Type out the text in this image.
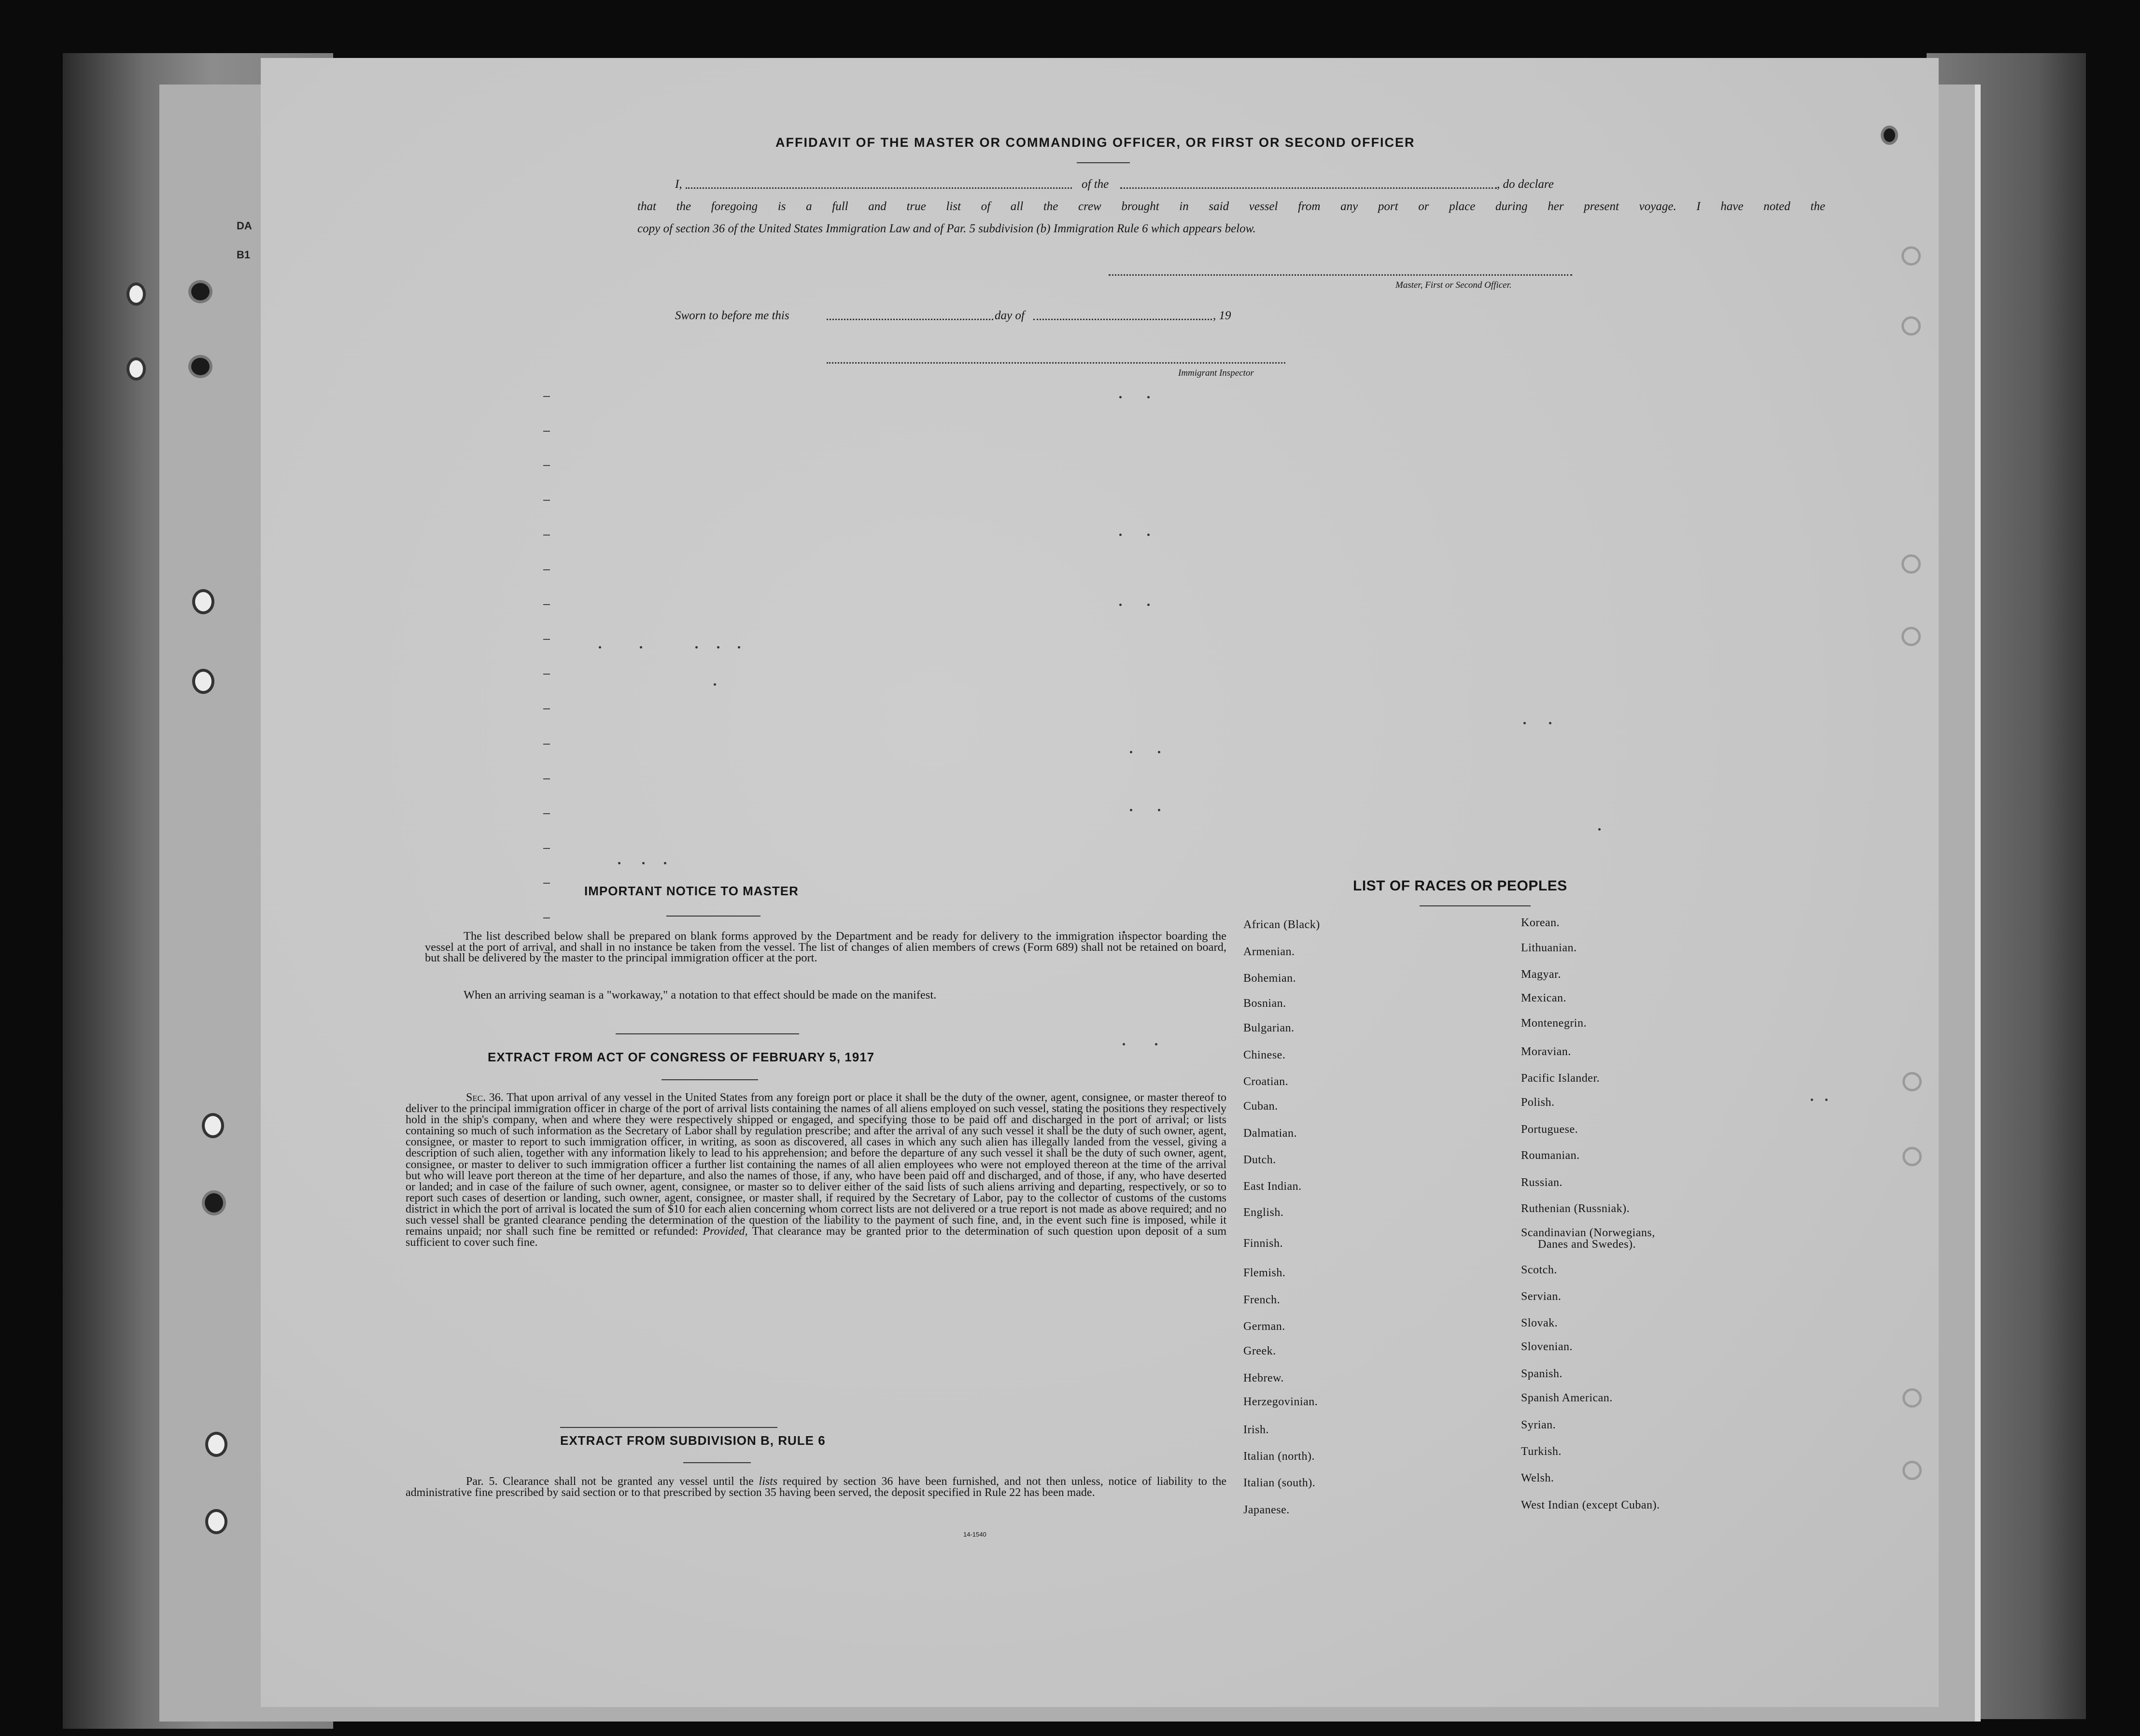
DA
B1
AFFIDAVIT OF THE MASTER OR COMMANDING OFFICER, OR FIRST OR SECOND OFFICER
I,	of the	, do declare
that the foregoing is a full and true list of all the crew brought in said vessel from any port or place during her present voyage. I have noted the
copy of section 36 of the United States Immigration Law and of Par. 5 subdivision (b) Immigration Rule 6 which appears below.
Master, First or Second Officer.
Sworn to before me this	day of	, 19
Immigrant Inspector
IMPORTANT NOTICE TO MASTER
The list described below shall be prepared on blank forms approved by the Department and be ready for delivery to the immigration inspector boarding the vessel at the port of arrival, and shall in no instance be taken from the vessel. The list of changes of alien members of crews (Form 689) shall not be retained on board, but shall be delivered by the master to the principal immigration officer at the port.
When an arriving seaman is a "workaway," a notation to that effect should be made on the manifest.
EXTRACT FROM ACT OF CONGRESS OF FEBRUARY 5, 1917
Sec. 36. That upon arrival of any vessel in the United States from any foreign port or place it shall be the duty of the owner, agent, consignee, or master thereof to deliver to the principal immigration officer in charge of the port of arrival lists containing the names of all aliens employed on such vessel, stating the positions they respectively hold in the ship's company, when and where they were respectively shipped or engaged, and specifying those to be paid off and discharged in the port of arrival; or lists containing so much of such information as the Secretary of Labor shall by regulation prescribe; and after the arrival of any such vessel it shall be the duty of such owner, agent, consignee, or master to report to such immigration officer, in writing, as soon as discovered, all cases in which any such alien has illegally landed from the vessel, giving a description of such alien, together with any information likely to lead to his apprehension; and before the departure of any such vessel it shall be the duty of such owner, agent, consignee, or master to deliver to such immigration officer a further list containing the names of all alien employees who were not employed thereon at the time of the arrival but who will leave port thereon at the time of her departure, and also the names of those, if any, who have been paid off and discharged, and of those, if any, who have deserted or landed; and in case of the failure of such owner, agent, consignee, or master so to deliver either of the said lists of such aliens arriving and departing, respectively, or so to report such cases of desertion or landing, such owner, agent, consignee, or master shall, if required by the Secretary of Labor, pay to the collector of customs of the customs district in which the port of arrival is located the sum of $10 for each alien concerning whom correct lists are not delivered or a true report is not made as above required; and no such vessel shall be granted clearance pending the determination of the question of the liability to the payment of such fine, and, in the event such fine is imposed, while it remains unpaid; nor shall such fine be remitted or refunded: Provided, That clearance may be granted prior to the determination of such question upon deposit of a sum sufficient to cover such fine.
EXTRACT FROM SUBDIVISION B, RULE 6
Par. 5. Clearance shall not be granted any vessel until the lists required by section 36 have been furnished, and not then unless, notice of liability to the administrative fine prescribed by said section or to that prescribed by section 35 having been served, the deposit specified in Rule 22 has been made.
14-1540
LIST OF RACES OR PEOPLES
African (Black)
Armenian.
Bohemian.
Bosnian.
Bulgarian.
Chinese.
Croatian.
Cuban.
Dalmatian.
Dutch.
East Indian.
English.
Finnish.
Flemish.
French.
German.
Greek.
Hebrew.
Herzegovinian.
Irish.
Italian (north).
Italian (south).
Japanese.
Korean.
Lithuanian.
Magyar.
Mexican.
Montenegrin.
Moravian.
Pacific Islander.
Polish.
Portuguese.
Roumanian.
Russian.
Ruthenian (Russniak).
Scandinavian (Norwegians,
Danes and Swedes).
Scotch.
Servian.
Slovak.
Slovenian.
Spanish.
Spanish American.
Syrian.
Turkish.
Welsh.
West Indian (except Cuban).
